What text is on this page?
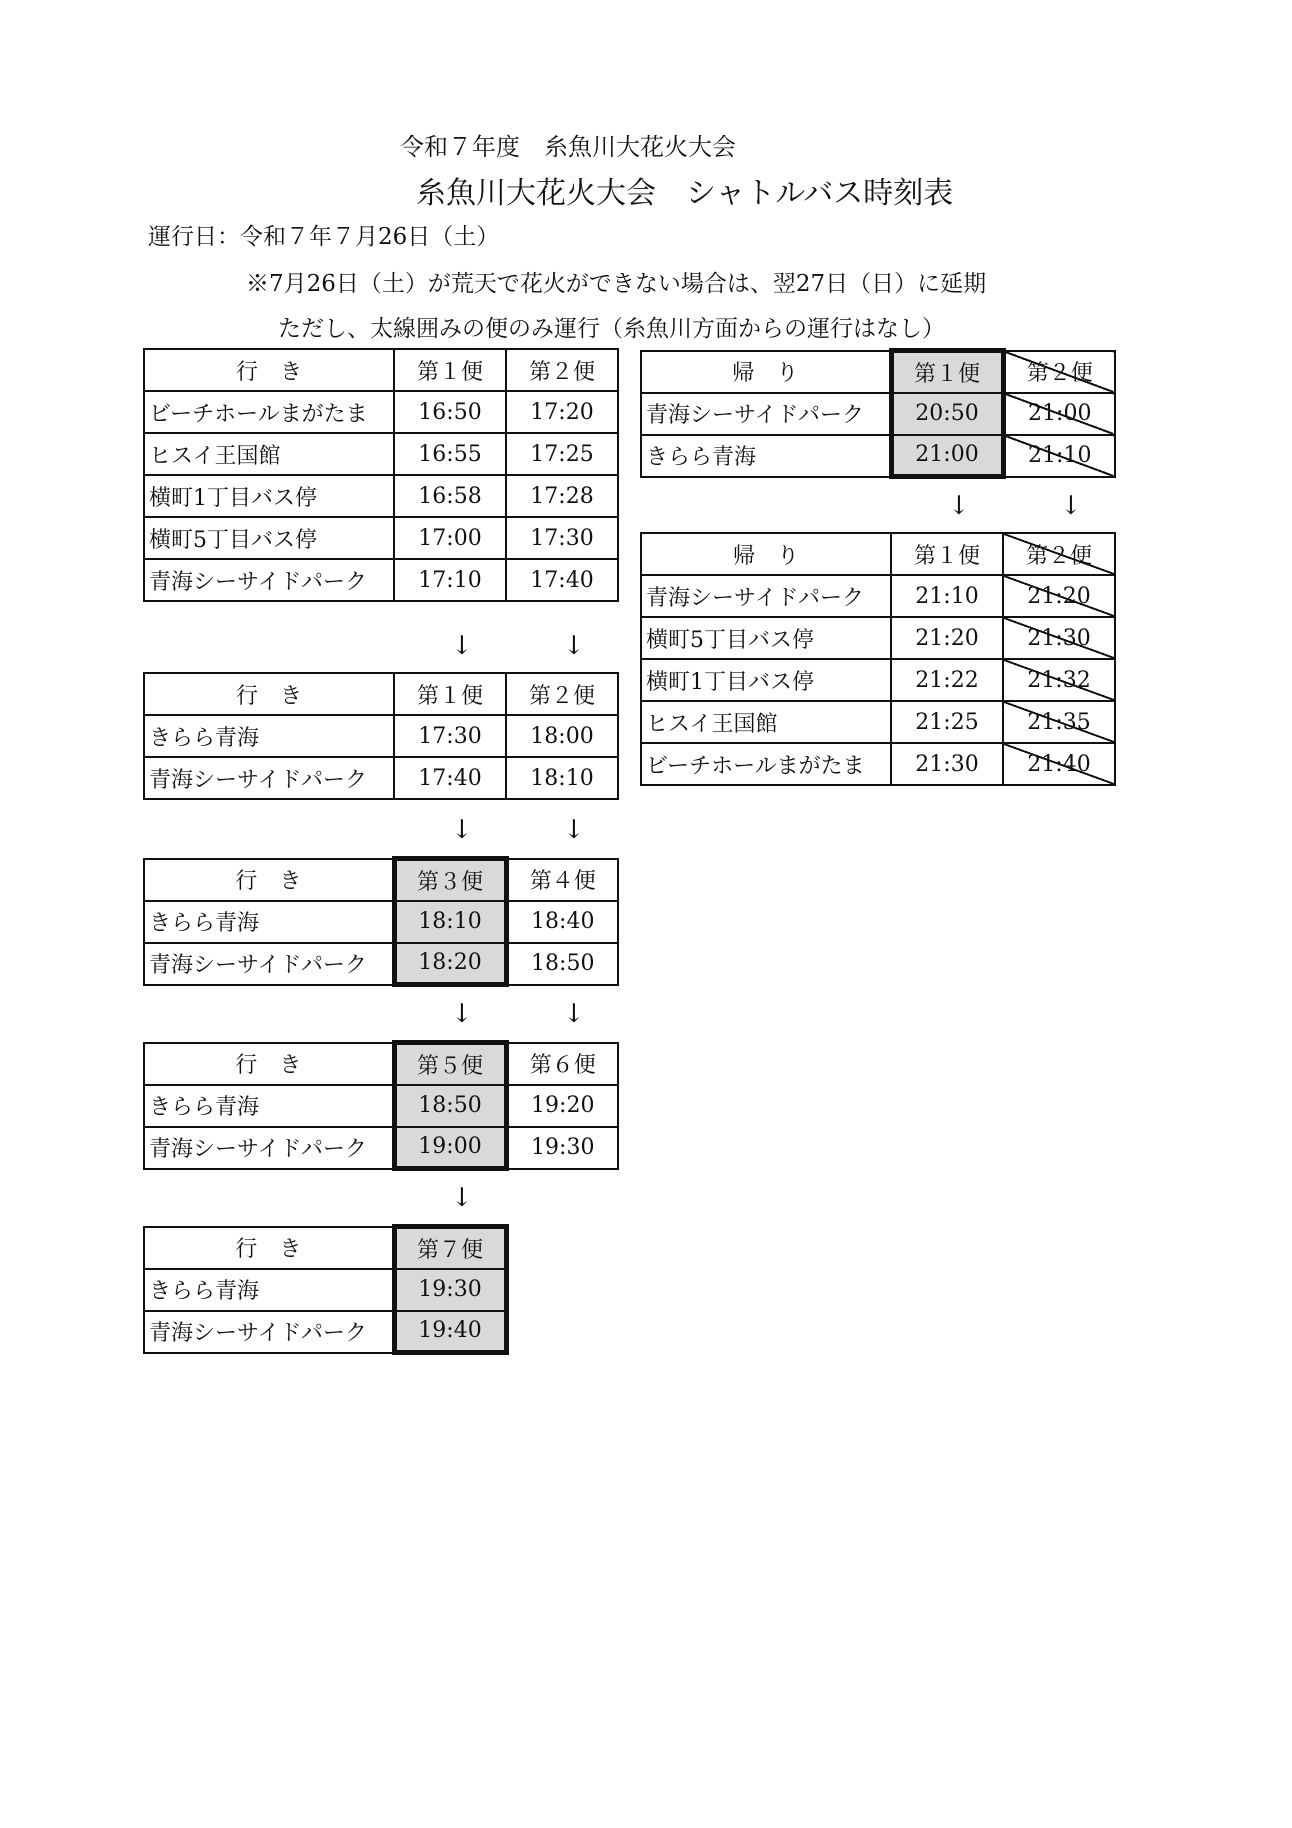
令和７年度　糸魚川大花火大会
糸魚川大花火大会　シャトルバス時刻表
運行日：令和７年７月26日（土）
※7月26日（土）が荒天で花火ができない場合は、翌27日（日）に延期
ただし、太線囲みの便のみ運行（糸魚川方面からの運行はなし）
行　き	第１便	第２便
ビーチホールまがたま	16:50	17:20
ヒスイ王国館	16:55	17:25
横町1丁目バス停	16:58	17:28
横町5丁目バス停	17:00	17:30
青海シーサイドパーク	17:10	17:40
↓	↓
行　き	第１便	第２便
きらら青海	17:30	18:00
青海シーサイドパーク	17:40	18:10
↓	↓
行　き	第３便	第４便
きらら青海	18:10	18:40
青海シーサイドパーク	18:20	18:50
↓	↓
行　き	第５便	第６便
きらら青海	18:50	19:20
青海シーサイドパーク	19:00	19:30
↓
行　き	第７便
きらら青海	19:30
青海シーサイドパーク	19:40
帰　り	第１便	第２便
青海シーサイドパーク	20:50	21:00
きらら青海	21:00	21:10
↓	↓
帰　り	第１便	第２便
青海シーサイドパーク	21:10	21:20
横町5丁目バス停	21:20	21:30
横町1丁目バス停	21:22	21:32
ヒスイ王国館	21:25	21:35
ビーチホールまがたま	21:30	21:40
